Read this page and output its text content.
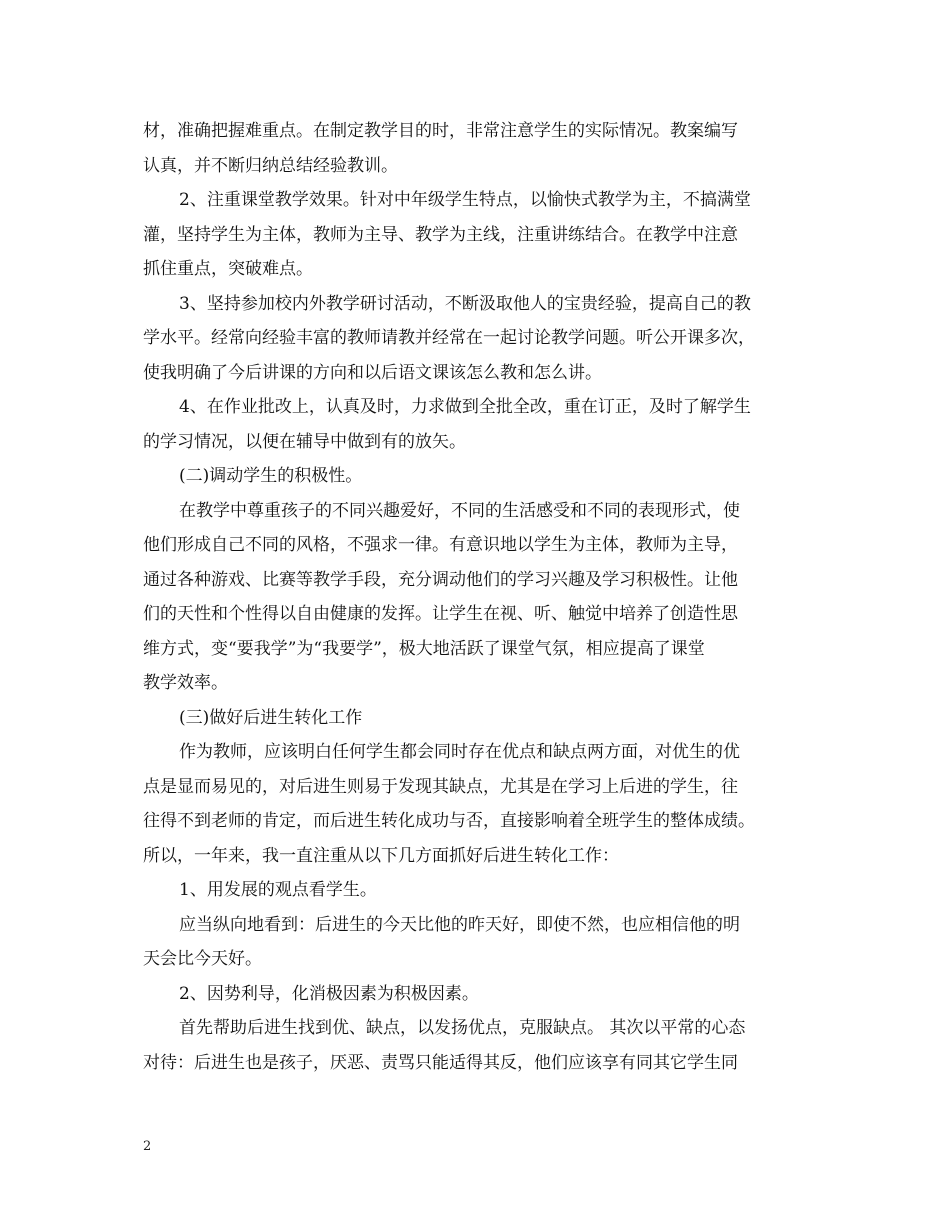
材，准确把握难重点。在制定教学目的时，非常注意学生的实际情况。教案编写
认真，并不断归纳总结经验教训。
2、注重课堂教学效果。针对中年级学生特点，以愉快式教学为主，不搞满堂
灌，坚持学生为主体，教师为主导、教学为主线，注重讲练结合。在教学中注意
抓住重点，突破难点。
3、坚持参加校内外教学研讨活动，不断汲取他人的宝贵经验，提高自己的教
学水平。经常向经验丰富的教师请教并经常在一起讨论教学问题。听公开课多次，
使我明确了今后讲课的方向和以后语文课该怎么教和怎么讲。
4、在作业批改上，认真及时，力求做到全批全改，重在订正，及时了解学生
的学习情况，以便在辅导中做到有的放矢。
(二)调动学生的积极性。
在教学中尊重孩子的不同兴趣爱好，不同的生活感受和不同的表现形式，使
他们形成自己不同的风格，不强求一律。有意识地以学生为主体，教师为主导，
通过各种游戏、比赛等教学手段，充分调动他们的学习兴趣及学习积极性。让他
们的天性和个性得以自由健康的发挥。让学生在视、听、触觉中培养了创造性思
维方式，变“要我学”为“我要学”，极大地活跃了课堂气氛，相应提高了课堂
教学效率。
(三)做好后进生转化工作
作为教师，应该明白任何学生都会同时存在优点和缺点两方面，对优生的优
点是显而易见的，对后进生则易于发现其缺点，尤其是在学习上后进的学生，往
往得不到老师的肯定，而后进生转化成功与否，直接影响着全班学生的整体成绩。
所以，一年来，我一直注重从以下几方面抓好后进生转化工作：
1、用发展的观点看学生。
应当纵向地看到：后进生的今天比他的昨天好，即使不然，也应相信他的明
天会比今天好。
2、因势利导，化消极因素为积极因素。
首先帮助后进生找到优、缺点，以发扬优点，克服缺点。 其次以平常的心态
对待：后进生也是孩子，厌恶、责骂只能适得其反，他们应该享有同其它学生同
2
